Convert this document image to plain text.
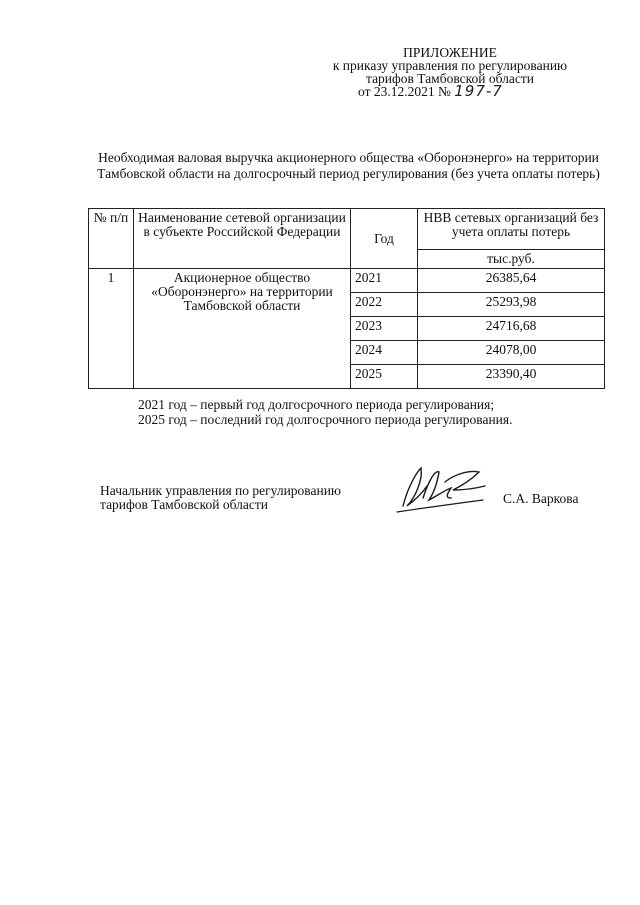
ПРИЛОЖЕНИЕ
к приказу управления по регулированию
тарифов Тамбовской области
от 23.12.2021 № 197-7
Необходимая валовая выручка акционерного общества «Оборонэнерго» на территории Тамбовской области на долгосрочный период регулирования (без учета оплаты потерь)
№ п/п	Наименование сетевой организации в субъекте Российской Федерации	Год	НВВ сетевых организаций без учета оплаты потерь
			тыс.руб.
1	Акционерное общество «Оборонэнерго» на территории Тамбовской области	2021	26385,64
		2022	25293,98
		2023	24716,68
		2024	24078,00
		2025	23390,40
2021 год – первый год долгосрочного периода регулирования;
2025 год – последний год долгосрочного периода регулирования.
Начальник управления по регулированию
тарифов Тамбовской области	С.А. Варкова
